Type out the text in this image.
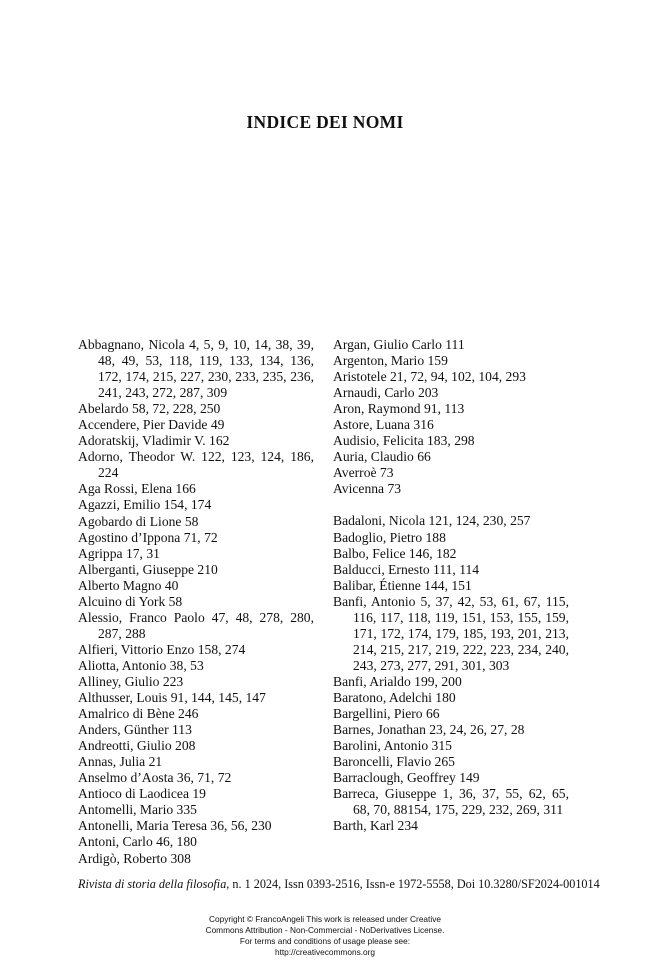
INDICE DEI NOMI
Abbagnano, Nicola 4, 5, 9, 10, 14, 38, 39, 48, 49, 53, 118, 119, 133, 134, 136, 172, 174, 215, 227, 230, 233, 235, 236, 241, 243, 272, 287, 309
Abelardo 58, 72, 228, 250
Accendere, Pier Davide 49
Adoratskij, Vladimir V. 162
Adorno, Theodor W. 122, 123, 124, 186, 224
Aga Rossi, Elena 166
Agazzi, Emilio 154, 174
Agobardo di Lione 58
Agostino d’Ippona 71, 72
Agrippa 17, 31
Alberganti, Giuseppe 210
Alberto Magno 40
Alcuino di York 58
Alessio, Franco Paolo 47, 48, 278, 280, 287, 288
Alfieri, Vittorio Enzo 158, 274
Aliotta, Antonio 38, 53
Alliney, Giulio 223
Althusser, Louis 91, 144, 145, 147
Amalrico di Bène 246
Anders, Günther 113
Andreotti, Giulio 208
Annas, Julia 21
Anselmo d’Aosta 36, 71, 72
Antioco di Laodicea 19
Antomelli, Mario 335
Antonelli, Maria Teresa 36, 56, 230
Antoni, Carlo 46, 180
Ardigò, Roberto 308
Argan, Giulio Carlo 111
Argenton, Mario 159
Aristotele 21, 72, 94, 102, 104, 293
Arnaudi, Carlo 203
Aron, Raymond 91, 113
Astore, Luana 316
Audisio, Felicita 183, 298
Auria, Claudio 66
Averroè 73
Avicenna 73
Badaloni, Nicola 121, 124, 230, 257
Badoglio, Pietro 188
Balbo, Felice 146, 182
Balducci, Ernesto 111, 114
Balibar, Étienne 144, 151
Banfi, Antonio 5, 37, 42, 53, 61, 67, 115, 116, 117, 118, 119, 151, 153, 155, 159, 171, 172, 174, 179, 185, 193, 201, 213, 214, 215, 217, 219, 222, 223, 234, 240, 243, 273, 277, 291, 301, 303
Banfi, Arialdo 199, 200
Baratono, Adelchi 180
Bargellini, Piero 66
Barnes, Jonathan 23, 24, 26, 27, 28
Barolini, Antonio 315
Baroncelli, Flavio 265
Barraclough, Geoffrey 149
Barreca, Giuseppe 1, 36, 37, 55, 62, 65, 68, 70, 88154, 175, 229, 232, 269, 311
Barth, Karl 234
Rivista di storia della filosofia, n. 1 2024, Issn 0393-2516, Issn-e 1972-5558, Doi 10.3280/SF2024-001014
Copyright © FrancoAngeli This work is released under Creative
Commons Attribution - Non-Commercial - NoDerivatives License.
For terms and conditions of usage please see:
http://creativecommons.org
